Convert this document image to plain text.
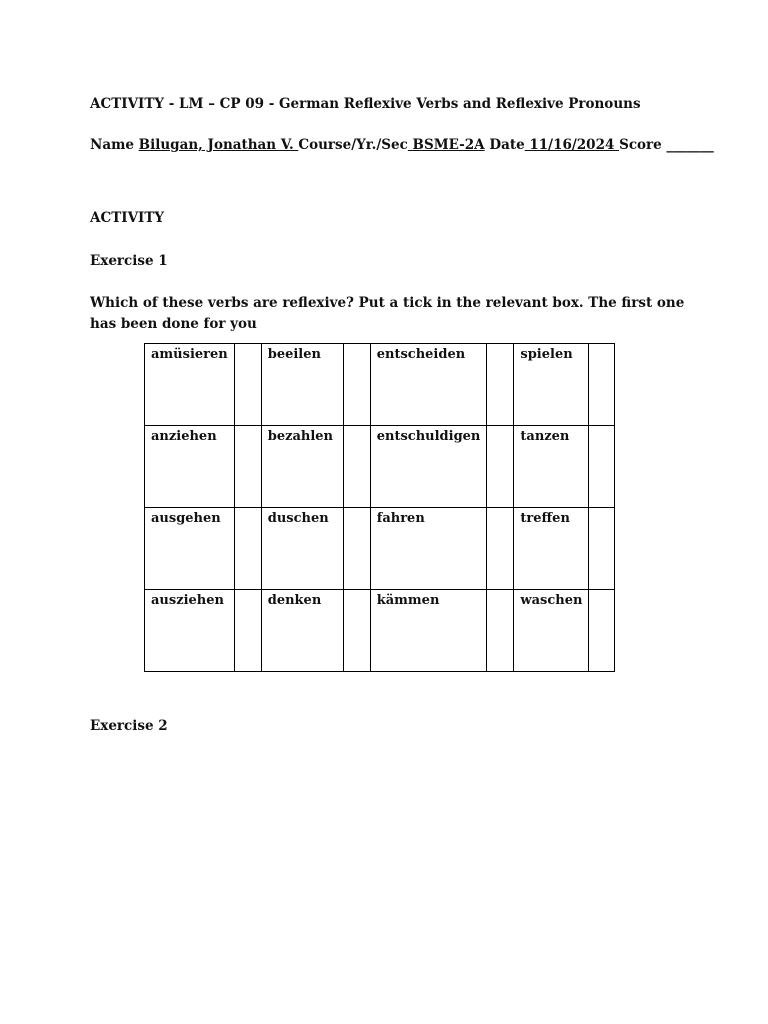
ACTIVITY - LM – CP 09 - German Reflexive Verbs and Reflexive Pronouns
Name Bilugan, Jonathan V. Course/Yr./Sec BSME-2A Date 11/16/2024 Score _______
ACTIVITY
Exercise 1
Which of these verbs are reflexive? Put a tick in the relevant box. The first one has been done for you
amüsieren		beeilen		entscheiden		spielen	
anziehen		bezahlen		entschuldigen		tanzen	
ausgehen		duschen		fahren		treffen	
ausziehen		denken		kämmen		waschen	
Exercise 2
